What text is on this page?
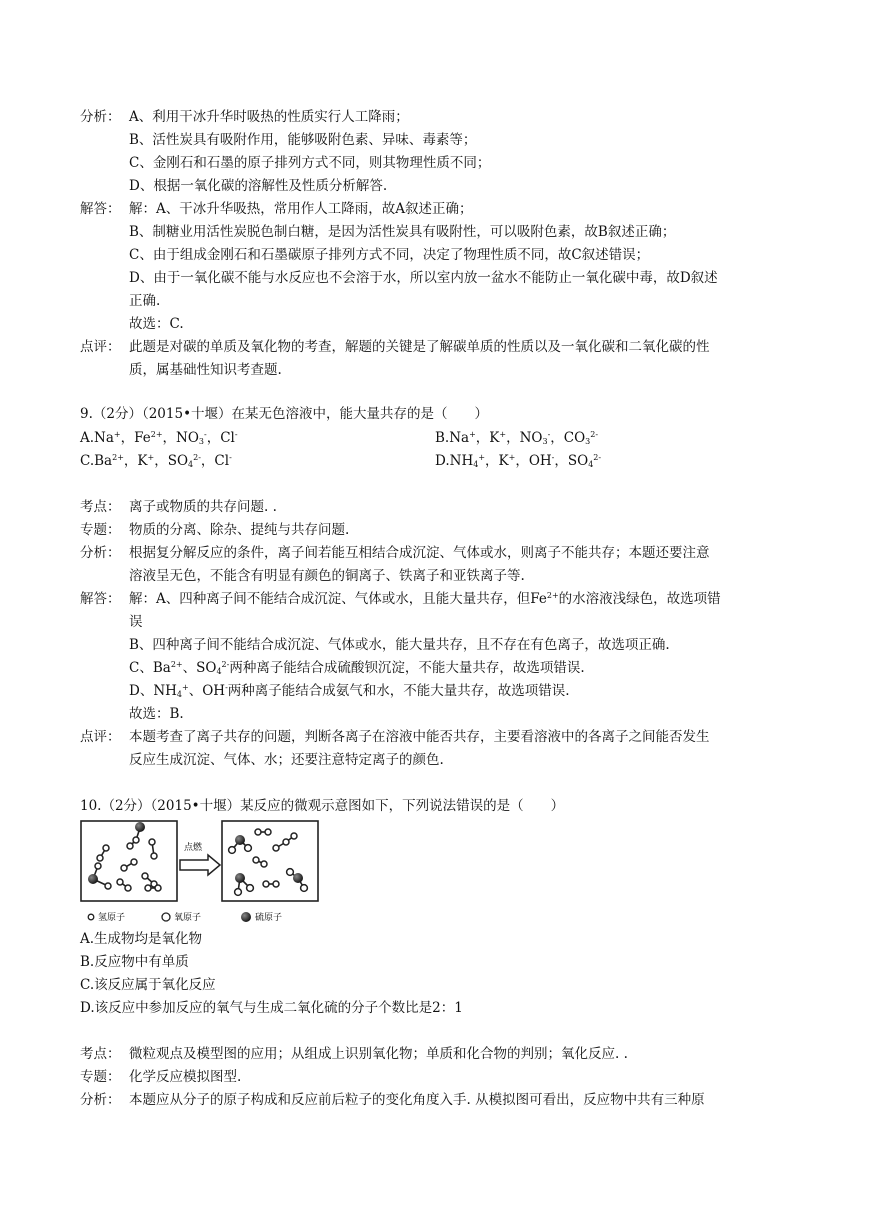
分析： A、利用干冰升华时吸热的性质实行人工降雨；
B、活性炭具有吸附作用，能够吸附色素、异味、毒素等；
C、金刚石和石墨的原子排列方式不同，则其物理性质不同；
D、根据一氧化碳的溶解性及性质分析解答.
解答： 解：A、干冰升华吸热，常用作人工降雨，故A叙述正确；
B、制糖业用活性炭脱色制白糖，是因为活性炭具有吸附性，可以吸附色素，故B叙述正确；
C、由于组成金刚石和石墨碳原子排列方式不同，决定了物理性质不同，故C叙述错误；
D、由于一氧化碳不能与水反应也不会溶于水，所以室内放一盆水不能防止一氧化碳中毒，故D叙述
正确.
故选：C.
点评： 此题是对碳的单质及氧化物的考查，解题的关键是了解碳单质的性质以及一氧化碳和二氧化碳的性
质，属基础性知识考查题.
9.（2分）（2015•十堰）在某无色溶液中，能大量共存的是（　　）
A.Na+，$Fe^{2+}$，$NO_3^-$，Cl-	B.Na+，K+，$NO_3^-$，$CO_3^{2-}$
$C.Ba^{2+}$，K+，$SO_4^{2-}$，Cl-	$D.NH_4^+$，K+，OH-，$SO_4^{2-}$
考点： 离子或物质的共存问题. .
专题： 物质的分离、除杂、提纯与共存问题.
分析： 根据复分解反应的条件，离子间若能互相结合成沉淀、气体或水，则离子不能共存；本题还要注意
溶液呈无色，不能含有明显有颜色的铜离子、铁离子和亚铁离子等.
解答： 解：A、四种离子间不能结合成沉淀、气体或水，且能大量共存，但$Fe^{2+}$的水溶液浅绿色，故选项错
误
B、四种离子间不能结合成沉淀、气体或水，能大量共存，且不存在有色离子，故选项正确.
C、$Ba^{2+}$、$SO_4^{2-}$两种离子能结合成硫酸钡沉淀，不能大量共存，故选项错误.
D、$NH_4^+$、OH-两种离子能结合成氨气和水，不能大量共存，故选项错误.
故选：B.
点评： 本题考查了离子共存的问题，判断各离子在溶液中能否共存，主要看溶液中的各离子之间能否发生
反应生成沉淀、气体、水；还要注意特定离子的颜色.
10.（2分）（2015•十堰）某反应的微观示意图如下，下列说法错误的是（　　）
点燃
氢原子	氧原子	硫原子
A.生成物均是氧化物
B.反应物中有单质
C.该反应属于氧化反应
D.该反应中参加反应的氧气与生成二氧化硫的分子个数比是2：1
考点： 微粒观点及模型图的应用；从组成上识别氧化物；单质和化合物的判别；氧化反应. .
专题： 化学反应模拟图型.
分析： 本题应从分子的原子构成和反应前后粒子的变化角度入手. 从模拟图可看出，反应物中共有三种原
